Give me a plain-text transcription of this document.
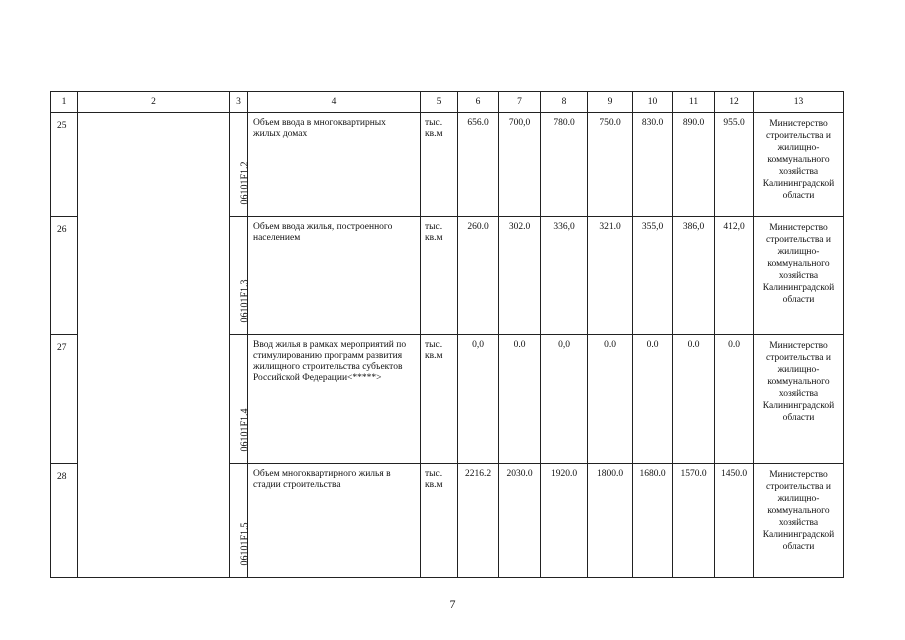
1	2	3	4	5	6	7	8	9	10	11	12	13
25		06101F1.2	Объем ввода в многоквартирных жилых домах	тыс. кв.м	656.0	700,0	780.0	750.0	830.0	890.0	955.0	Министерство строительства и жилищно-коммунального хозяйства Калининградской области
26		06101F1.3	Объем ввода жилья, построенного населением	тыс. кв.м	260.0	302.0	336,0	321.0	355,0	386,0	412,0	Министерство строительства и жилищно-коммунального хозяйства Калининградской области
27		06101F1.4	Ввод жилья в рамках мероприятий по стимулированию программ развития жилищного строительства субъектов Российской Федерации<*****>	тыс. кв.м	0,0	0.0	0,0	0.0	0.0	0.0	0.0	Министерство строительства и жилищно-коммунального хозяйства Калининградской области
28		06101F1.5	Объем многоквартирного жилья в стадии строительства	тыс. кв.м	2216.2	2030.0	1920.0	1800.0	1680.0	1570.0	1450.0	Министерство строительства и жилищно-коммунального хозяйства Калининградской области
7
